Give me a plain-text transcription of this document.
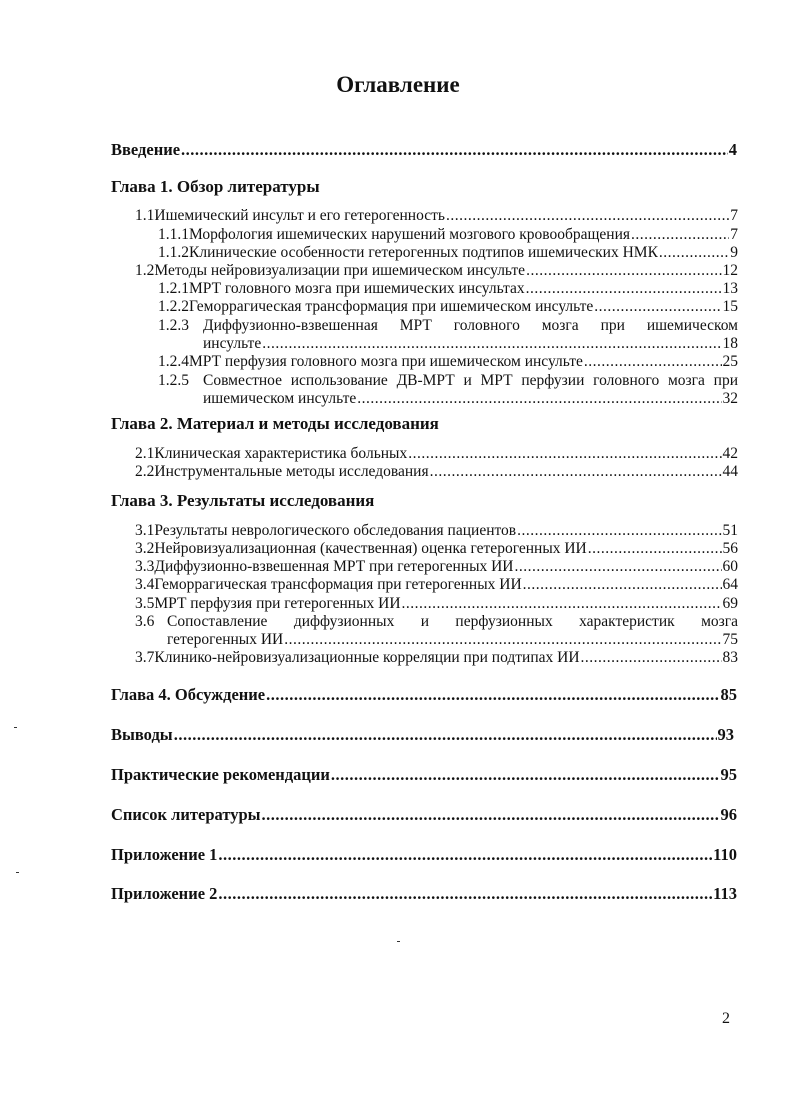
Оглавление
Введение .....	4
Глава 1. Обзор литературы
1.1 Ишемический инсульт и его гетерогенность .....	7
1.1.1 Морфология ишемических нарушений мозгового кровообращения .....	7
1.1.2 Клинические особенности гетерогенных подтипов ишемических НМК .....	9
1.2 Методы нейровизуализации при ишемическом инсульте .....	12
1.2.1 МРТ головного мозга при ишемических инсультах .....	13
1.2.2 Геморрагическая трансформация при ишемическом инсульте .....	15
1.2.3 Диффузионно-взвешенная МРТ головного мозга при ишемическом
инсульте .....	18
1.2.4 МРТ перфузия головного мозга при ишемическом инсульте .....	25
1.2.5 Совместное использование ДВ-МРТ и МРТ перфузии головного мозга при
ишемическом инсульте .....	32
Глава 2. Материал и методы исследования
2.1 Клиническая характеристика больных .....	42
2.2 Инструментальные методы исследования .....	44
Глава 3. Результаты исследования
3.1 Результаты неврологического обследования пациентов .....	51
3.2 Нейровизуализационная (качественная) оценка гетерогенных ИИ .....	56
3.3 Диффузионно-взвешенная МРТ при гетерогенных ИИ .....	60
3.4 Геморрагическая трансформация при гетерогенных ИИ .....	64
3.5 МРТ перфузия при гетерогенных ИИ .....	69
3.6 Сопоставление диффузионных и перфузионных характеристик мозга
гетерогенных ИИ .....	75
3.7 Клинико-нейровизуализационные корреляции при подтипах ИИ .....	83
Глава 4. Обсуждение .....	85
Выводы .....	93
Практические рекомендации .....	95
Список литературы .....	96
Приложение 1 .....	110
Приложение 2 .....	113
2
